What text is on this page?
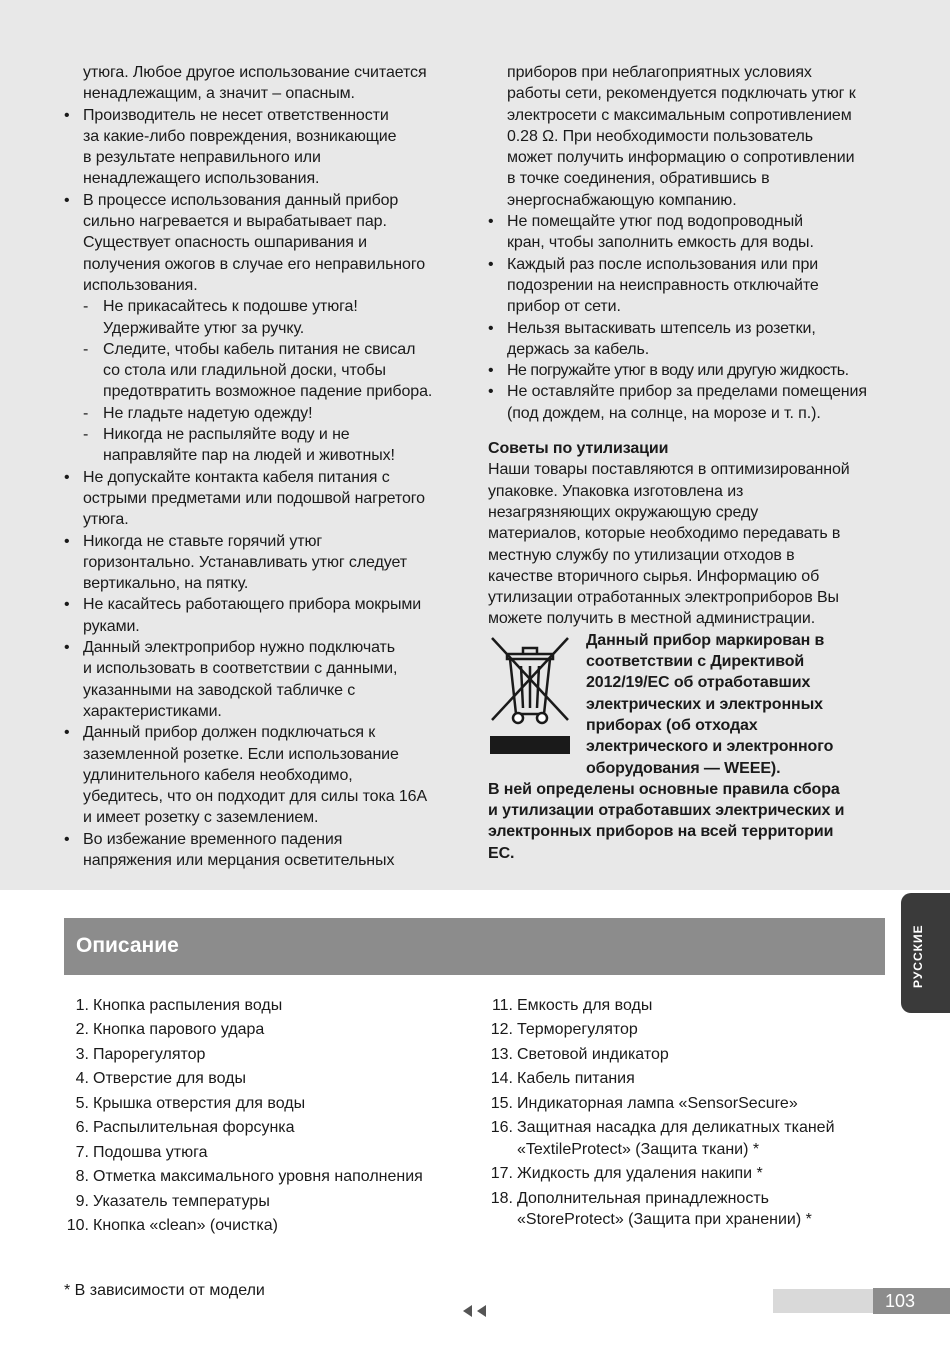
утюга. Любое другое использование считается

ненадлежащим, а значит – опасным.

• Производитель не несет ответственности
за какие-либо повреждения, возникающие
в результате неправильного или
ненадлежащего использования.
• В процессе использования данный прибор
сильно нагревается и вырабатывает пар.
Существует опасность ошпаривания и
получения ожогов в случае его неправильного
использования.
- Не прикасайтесь к подошве утюга!
Удерживайте утюг за ручку.
- Следите, чтобы кабель питания не свисал
со стола или гладильной доски, чтобы
предотвратить возможное падение прибора.
- Не гладьте надетую одежду!
- Никогда не распыляйте воду и не
направляйте пар на людей и животных!
• Не допускайте контакта кабеля питания с
острыми предметами или подошвой нагретого
утюга.
• Никогда не ставьте горячий утюг
горизонтально. Устанавливать утюг следует
вертикально, на пятку.
• Не касайтесь работающего прибора мокрыми
руками.
• Данный электроприбор нужно подключать
и использовать в соответствии с данными,
указанными на заводской табличке с
характеристиками.
• Данный прибор должен подключаться к
заземленной розетке. Если использование
удлинительного кабеля необходимо,
убедитесь, что он подходит для силы тока 16A
и имеет розетку с заземлением.
• Во избежание временного падения
напряжения или мерцания осветительных

приборов при неблагоприятных условиях

работы сети, рекомендуется подключать утюг к

электросети с максимальным сопротивлением

0.28 Ω. При необходимости пользователь

может получить информацию о сопротивлении

в точке соединения, обратившись в

энергоснабжающую компанию.

• Не помещайте утюг под водопроводный
кран, чтобы заполнить емкость для воды.
• Каждый раз после использования или при
подозрении на неисправность отключайте
прибор от сети.
• Нельзя вытаскивать штепсель из розетки,
держась за кабель.
• Не погружайте утюг в воду или другую жидкость.
• Не оставляйте прибор за пределами помещения
(под дождем, на солнце, на морозе и т. п.).

Советы по утилизации

Наши товары поставляются в оптимизированной

упаковке. Упаковка изготовлена из

незагрязняющих окружающую среду

материалов, которые необходимо передавать в

местную службу по утилизации отходов в

качестве вторичного сырья. Информацию об

утилизации отработанных электроприборов Вы

можете получить в местной администрации.

Данный прибор маркирован в

соответствии с Директивой

2012/19/EC об отработавших

электрических и электронных

приборах (об отходах

электрического и электронного

оборудования — WEEE).

В ней определены основные правила сбора

и утилизации отработавших электрических и

электронных приборов на всей территории

EC.

РУССКИЕ
Описание
1. Кнопка распыления воды
2. Кнопка парового удара
3. Парорегулятор
4. Отверстие для воды
5. Крышка отверстия для воды
6. Распылительная форсунка
7. Подошва утюга
8. Отметка максимального уровня наполнения
9. Указатель температуры
10. Кнопка «clean» (очистка)
11. Емкость для воды
12. Терморегулятор
13. Световой индикатор
14. Кабель питания
15. Индикаторная лампа «SensorSecure»
16. Защитная насадка для деликатных тканей
«TextileProtect» (Защита ткани) *
17. Жидкость для удаления накипи *
18. Дополнительная принадлежность
«StoreProtect» (Защита при хранении) *
* В зависимости от модели
103
